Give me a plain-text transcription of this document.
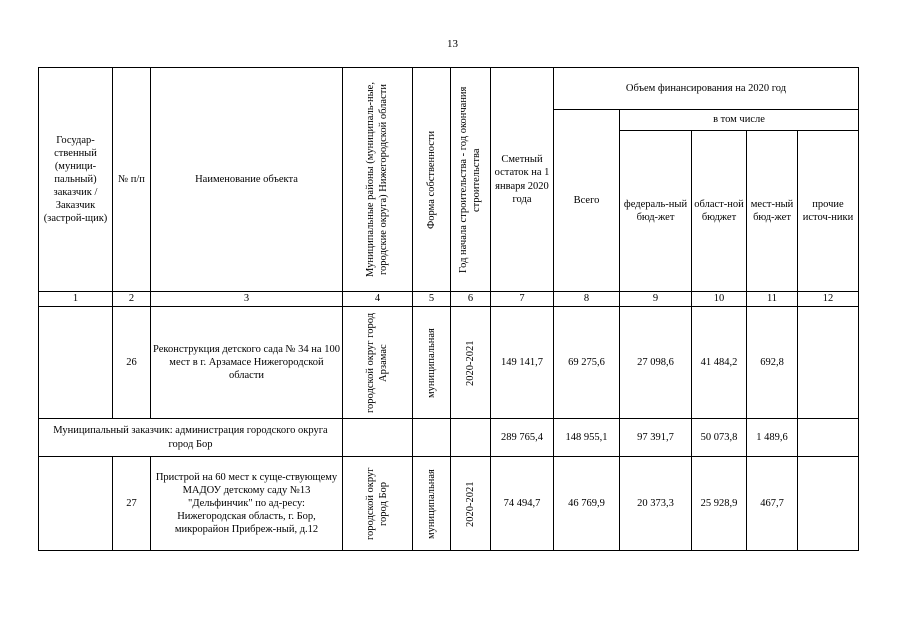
13
Государ-ственный (муници-пальный) заказчик / Заказчик (застрой-щик)	№ п/п	Наименование объекта	Муниципальные районы (муниципаль-ные, городские округа) Нижегородской области	Форма собственности	Год начала строительства - год окончания строительства	Сметный остаток на 1 января 2020 года	Объем финансирования на 2020 год				
							Всего	в том числе			
								федераль-ный бюд-жет	област-ной бюджет	мест-ный бюд-жет	прочие источ-ники
1	2	3	4	5	6	7	8	9	10	11	12
	26	Реконструкция детского сада № 34 на 100 мест в г. Арзамасе Нижегородской области	городской округ город Арзамас	муниципальная	2020-2021	149 141,7	69 275,6	27 098,6	41 484,2	692,8	
Муниципальный заказчик: администрация городского округа город Бор						289 765,4	148 955,1	97 391,7	50 073,8	1 489,6	
	27	Пристрой на 60 мест к суще-ствующему МАДОУ детскому саду №13 "Дельфинчик" по ад-ресу: Нижегородская область, г. Бор, микрорайон Прибреж-ный, д.12	городской округ город Бор	муниципальная	2020-2021	74 494,7	46 769,9	20 373,3	25 928,9	467,7	
